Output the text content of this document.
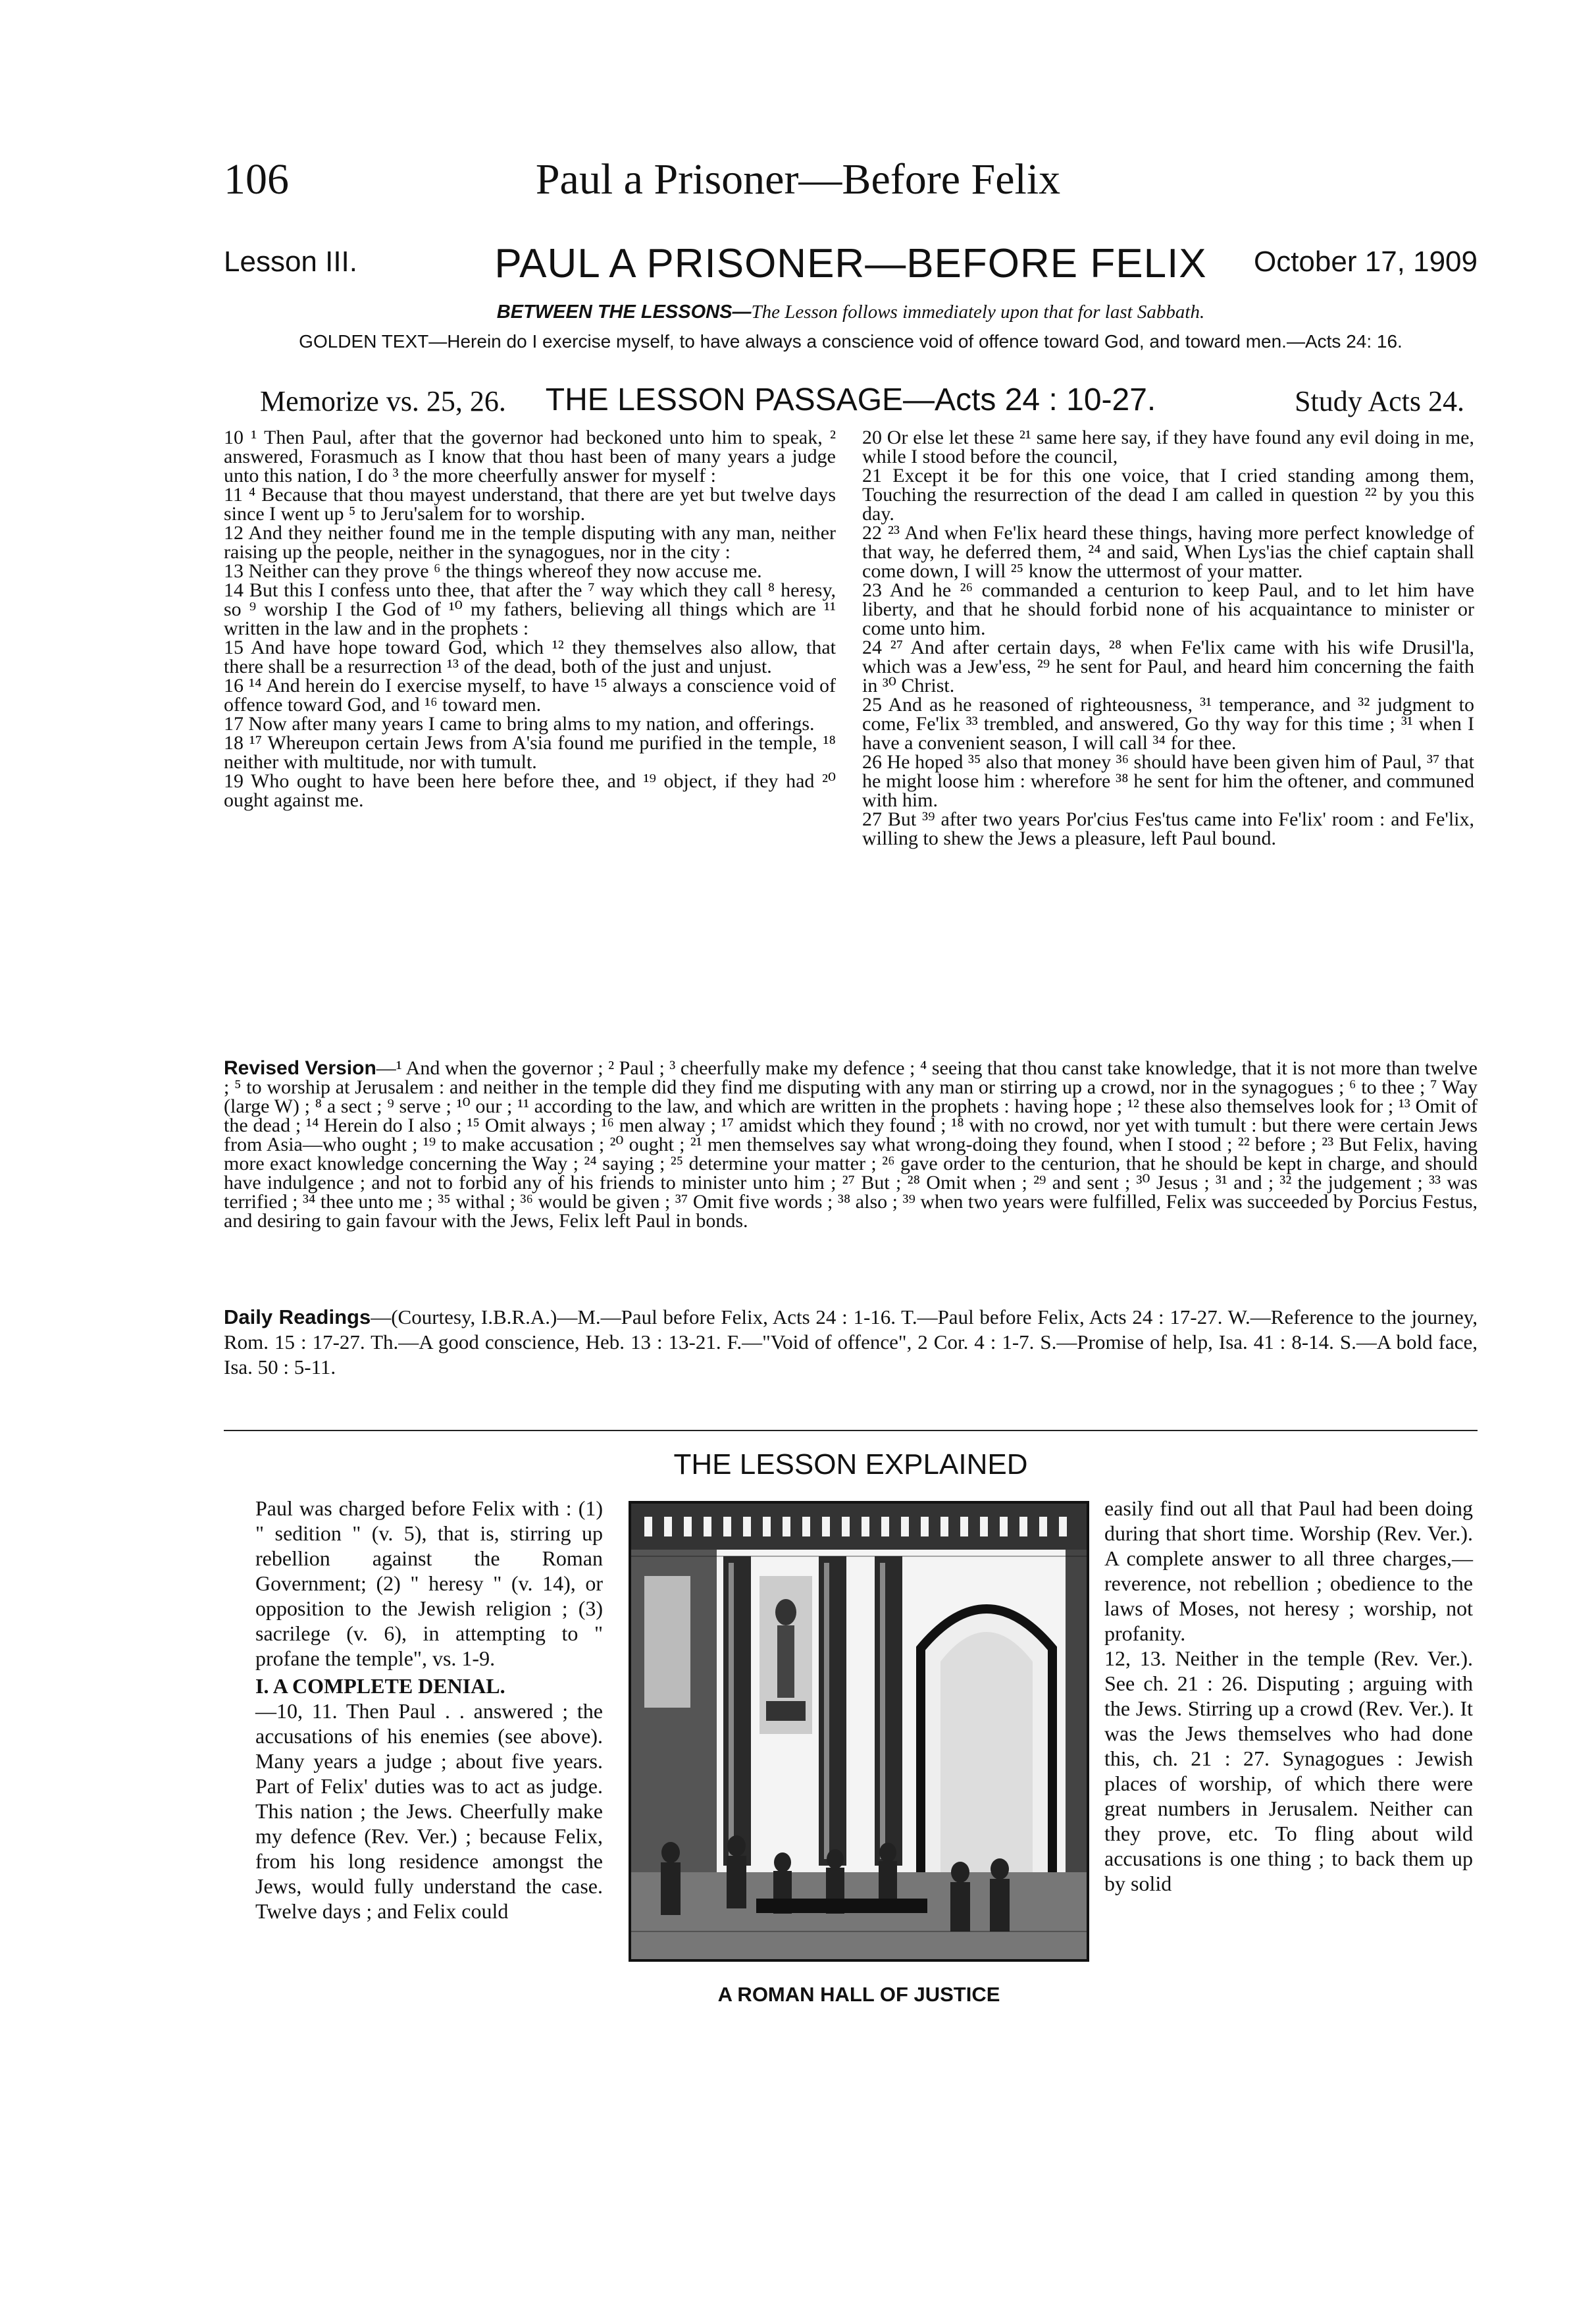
Paul a Prisoner—Before Felix
106
PAUL A PRISONER—BEFORE FELIX
Lesson III.	October 17, 1909
BETWEEN THE LESSONS—The Lesson follows immediately upon that for last Sabbath.
GOLDEN TEXT—Herein do I exercise myself, to have always a conscience void of offence toward God, and toward men.—Acts 24: 16.
THE LESSON PASSAGE—Acts 24 : 10-27.
Memorize vs. 25, 26.	Study Acts 24.

10 ¹ Then Paul, after that the governor had beckoned unto him to speak, ² answered, Forasmuch as I know that thou hast been of many years a judge unto this nation, I do ³ the more cheerfully answer for myself :

11 ⁴ Because that thou mayest understand, that there are yet but twelve days since I went up ⁵ to Jeru'salem for to worship.

12 And they neither found me in the temple disputing with any man, neither raising up the people, neither in the synagogues, nor in the city :

13 Neither can they prove ⁶ the things whereof they now accuse me.

14 But this I confess unto thee, that after the ⁷ way which they call ⁸ heresy, so ⁹ worship I the God of ¹⁰ my fathers, believing all things which are ¹¹ written in the law and in the prophets :

15 And have hope toward God, which ¹² they themselves also allow, that there shall be a resurrection ¹³ of the dead, both of the just and unjust.

16 ¹⁴ And herein do I exercise myself, to have ¹⁵ always a conscience void of offence toward God, and ¹⁶ toward men.

17 Now after many years I came to bring alms to my nation, and offerings.

18 ¹⁷ Whereupon certain Jews from A'sia found me purified in the temple, ¹⁸ neither with multitude, nor with tumult.

19 Who ought to have been here before thee, and ¹⁹ object, if they had ²⁰ ought against me.

20 Or else let these ²¹ same here say, if they have found any evil doing in me, while I stood before the council,

21 Except it be for this one voice, that I cried standing among them, Touching the resurrection of the dead I am called in question ²² by you this day.

22 ²³ And when Fe'lix heard these things, having more perfect knowledge of that way, he deferred them, ²⁴ and said, When Lys'ias the chief captain shall come down, I will ²⁵ know the uttermost of your matter.

23 And he ²⁶ commanded a centurion to keep Paul, and to let him have liberty, and that he should forbid none of his acquaintance to minister or come unto him.

24 ²⁷ And after certain days, ²⁸ when Fe'lix came with his wife Drusil'la, which was a Jew'ess, ²⁹ he sent for Paul, and heard him concerning the faith in ³⁰ Christ.

25 And as he reasoned of righteousness, ³¹ temperance, and ³² judgment to come, Fe'lix ³³ trembled, and answered, Go thy way for this time ; ³¹ when I have a convenient season, I will call ³⁴ for thee.

26 He hoped ³⁵ also that money ³⁶ should have been given him of Paul, ³⁷ that he might loose him : wherefore ³⁸ he sent for him the oftener, and communed with him.

27 But ³⁹ after two years Por'cius Fes'tus came into Fe'lix' room : and Fe'lix, willing to shew the Jews a pleasure, left Paul bound.

Revised Version—¹ And when the governor ; ² Paul ; ³ cheerfully make my defence ; ⁴ seeing that thou canst take knowledge, that it is not more than twelve ; ⁵ to worship at Jerusalem : and neither in the temple did they find me disputing with any man or stirring up a crowd, nor in the synagogues ; ⁶ to thee ; ⁷ Way (large W) ; ⁸ a sect ; ⁹ serve ; ¹⁰ our ; ¹¹ according to the law, and which are written in the prophets : having hope ; ¹² these also themselves look for ; ¹³ Omit of the dead ; ¹⁴ Herein do I also ; ¹⁵ Omit always ; ¹⁶ men alway ; ¹⁷ amidst which they found ; ¹⁸ with no crowd, nor yet with tumult : but there were certain Jews from Asia—who ought ; ¹⁹ to make accusation ; ²⁰ ought ; ²¹ men themselves say what wrong-doing they found, when I stood ; ²² before ; ²³ But Felix, having more exact knowledge concerning the Way ; ²⁴ saying ; ²⁵ determine your matter ; ²⁶ gave order to the centurion, that he should be kept in charge, and should have indulgence ; and not to forbid any of his friends to minister unto him ; ²⁷ But ; ²⁸ Omit when ; ²⁹ and sent ; ³⁰ Jesus ; ³¹ and ; ³² the judgement ; ³³ was terrified ; ³⁴ thee unto me ; ³⁵ withal ; ³⁶ would be given ; ³⁷ Omit five words ; ³⁸ also ; ³⁹ when two years were fulfilled, Felix was succeeded by Porcius Festus, and desiring to gain favour with the Jews, Felix left Paul in bonds.
Daily Readings—(Courtesy, I.B.R.A.)—M.—Paul before Felix, Acts 24 : 1-16. T.—Paul before Felix, Acts 24 : 17-27. W.—Reference to the journey, Rom. 15 : 17-27. Th.—A good conscience, Heb. 13 : 13-21. F.—"Void of offence", 2 Cor. 4 : 1-7. S.—Promise of help, Isa. 41 : 8-14. S.—A bold face, Isa. 50 : 5-11.
THE LESSON EXPLAINED

Paul was charged before Felix with : (1) " sedition " (v. 5), that is, stirring up rebellion against the Roman Government; (2) " heresy " (v. 14), or opposition to the Jewish religion ; (3) sacrilege (v. 6), in attempting to " profane the temple", vs. 1-9.

I. A COMPLETE DENIAL.

—10, 11. Then Paul . . answered ; the accusations of his enemies (see above). Many years a judge ; about five years. Part of Felix' duties was to act as judge. This nation ; the Jews. Cheerfully make my defence (Rev. Ver.) ; because Felix, from his long residence amongst the Jews, would fully understand the case. Twelve days ; and Felix could

A ROMAN HALL OF JUSTICE

easily find out all that Paul had been doing during that short time. Worship (Rev. Ver.). A complete answer to all three charges,—reverence, not rebellion ; obedience to the laws of Moses, not heresy ; worship, not profanity.

12, 13. Neither in the temple (Rev. Ver.). See ch. 21 : 26. Disputing ; arguing with the Jews. Stirring up a crowd (Rev. Ver.). It was the Jews themselves who had done this, ch. 21 : 27. Synagogues : Jewish places of worship, of which there were great numbers in Jerusalem. Neither can they prove, etc. To fling about wild accusations is one thing ; to back them up by solid
